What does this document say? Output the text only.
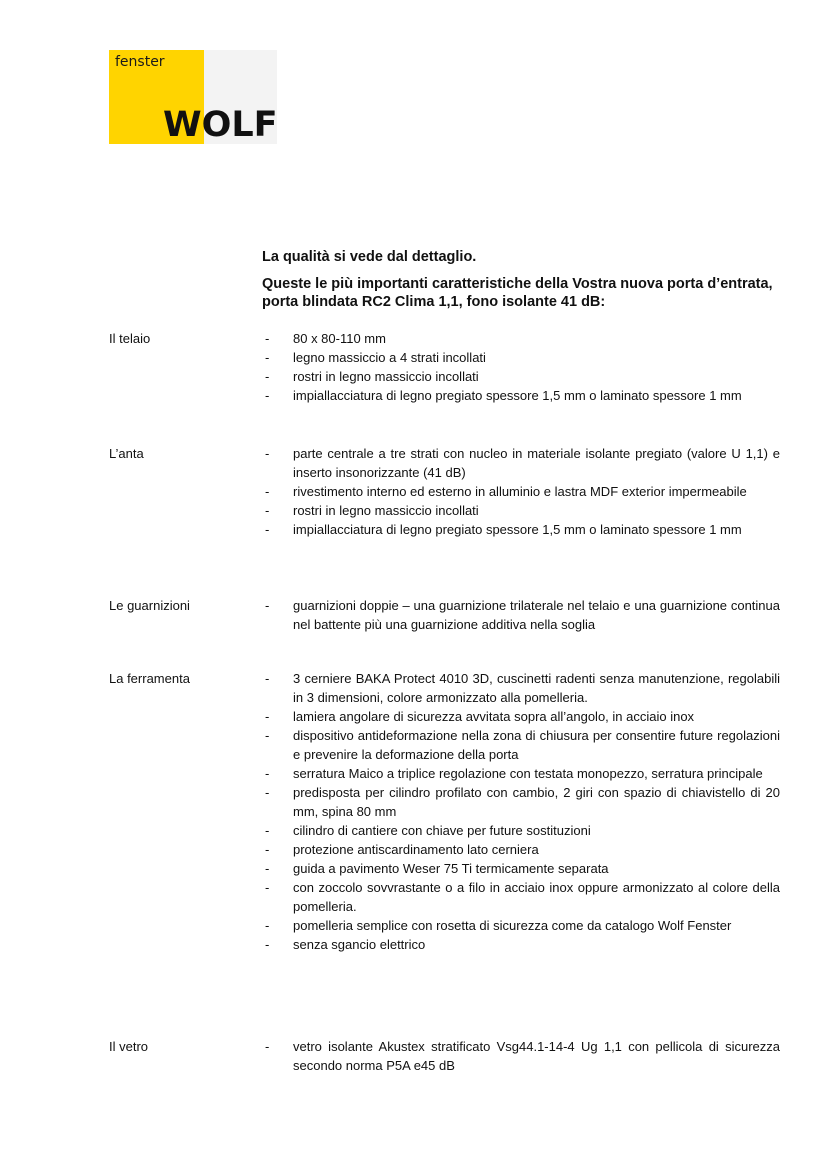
fenster
WOLF
La qualità si vede dal dettaglio.
Queste le più importanti caratteristiche della Vostra nuova porta d’entrata, porta blindata RC2 Clima 1,1, fono isolante 41 dB:
Il telaio	- 80 x 80-110 mm
- legno massiccio a 4 strati incollati
- rostri in legno massiccio incollati
- impiallacciatura di legno pregiato spessore 1,5 mm o laminato spessore 1 mm
L’anta	- parte centrale a tre strati con nucleo in materiale isolante pregiato (valore U 1,1) e inserto insonorizzante (41 dB)
- rivestimento interno ed esterno in alluminio e lastra MDF exterior impermeabile
- rostri in legno massiccio incollati
- impiallacciatura di legno pregiato spessore 1,5 mm o laminato spessore 1 mm
Le guarnizioni	- guarnizioni doppie – una guarnizione trilaterale nel telaio e una guarnizione continua nel battente più una guarnizione additiva nella soglia
La ferramenta	- 3 cerniere BAKA Protect 4010 3D, cuscinetti radenti senza manutenzione, regolabili in 3 dimensioni, colore armonizzato alla pomelleria.
- lamiera angolare di sicurezza avvitata sopra all’angolo, in acciaio inox
- dispositivo antideformazione nella zona di chiusura per consentire future regolazioni e prevenire la deformazione della porta
- serratura Maico a triplice regolazione con testata monopezzo, serratura principale
- predisposta per cilindro profilato con cambio, 2 giri con spazio di chiavistello di 20 mm, spina 80 mm
- cilindro di cantiere con chiave per future sostituzioni
- protezione antiscardinamento lato cerniera
- guida a pavimento Weser 75 Ti termicamente separata
- con zoccolo sovvrastante o a filo in acciaio inox oppure armonizzato al colore della pomelleria.
- pomelleria semplice con rosetta di sicurezza come da catalogo Wolf Fenster
- senza sgancio elettrico
Il vetro	- vetro isolante Akustex stratificato Vsg44.1-14-4 Ug 1,1 con pellicola di sicurezza secondo norma P5A e45 dB
